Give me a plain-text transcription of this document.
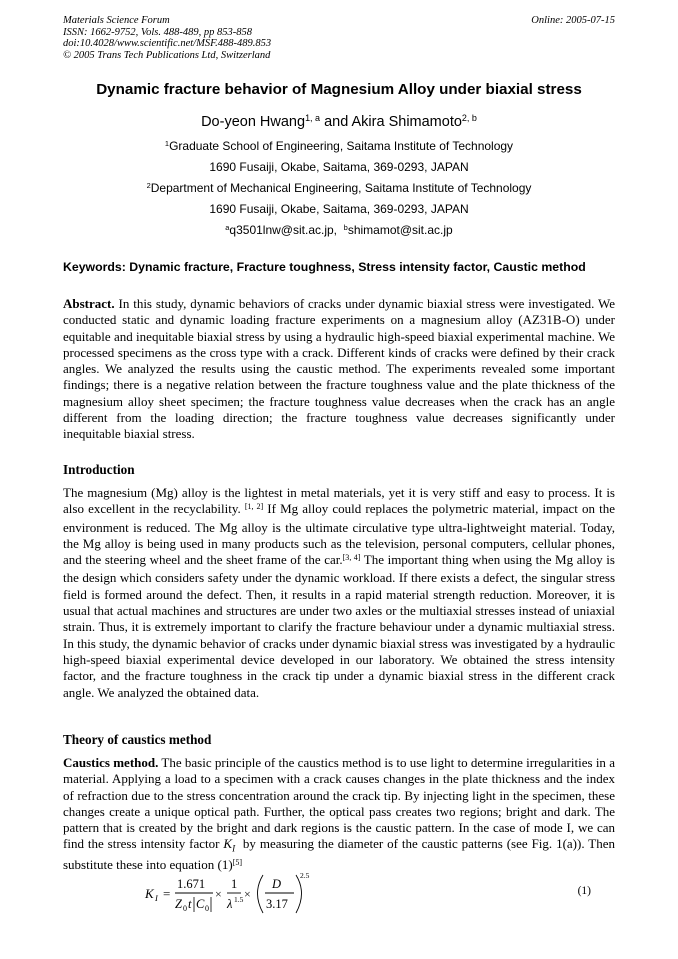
Materials Science Forum
ISSN: 1662-9752, Vols. 488-489, pp 853-858
doi:10.4028/www.scientific.net/MSF.488-489.853
© 2005 Trans Tech Publications Ltd, Switzerland
Online: 2005-07-15
Dynamic fracture behavior of Magnesium Alloy under biaxial stress
Do-yeon Hwang$^{1, a}$ and Akira Shimamoto$^{2, b}$
$^1$Graduate School of Engineering, Saitama Institute of Technology
1690 Fusaiji, Okabe, Saitama, 369-0293, JAPAN
$^2$Department of Mechanical Engineering, Saitama Institute of Technology
1690 Fusaiji, Okabe, Saitama, 369-0293, JAPAN
$^a$q3501lnw@sit.ac.jp, $^b$shimamot@sit.ac.jp
Keywords: Dynamic fracture, Fracture toughness, Stress intensity factor, Caustic method

Abstract. In this study, dynamic behaviors of cracks under dynamic biaxial stress were investigated. We conducted static and dynamic loading fracture experiments on a magnesium alloy (AZ31B-O) under equitable and inequitable biaxial stress by using a hydraulic high-speed biaxial experimental machine. We processed specimens as the cross type with a crack. Different kinds of cracks were defined by their crack angles. We analyzed the results using the caustic method. The experiments revealed some important findings; there is a negative relation between the fracture toughness value and the plate thickness of the magnesium alloy sheet specimen; the fracture toughness value decreases when the crack has an angle different from the loading direction; the fracture toughness value decreases significantly under inequitable biaxial stress.

Introduction

The magnesium (Mg) alloy is the lightest in metal materials, yet it is very stiff and easy to process. It is also excellent in the recyclability. [1, 2] If Mg alloy could replaces the polymetric material, impact on the environment is reduced. The Mg alloy is the ultimate circulative type ultra-lightweight material. Today, the Mg alloy is being used in many products such as the television, personal computers, cellular phones, and the steering wheel and the sheet frame of the car.[3, 4] The important thing when using the Mg alloy is the design which considers safety under the dynamic workload. If there exists a defect, the singular stress field is formed around the defect. Then, it results in a rapid material strength reduction. Moreover, it is usual that actual machines and structures are under two axles or the multiaxial stresses instead of uniaxial strain. Thus, it is extremely important to clarify the fracture behaviour under a dynamic multiaxial stress. In this study, the dynamic behavior of cracks under dynamic biaxial stress was investigated by a hydraulic high-speed biaxial experimental device developed in our laboratory. We obtained the stress intensity factor, and the fracture toughness in the crack tip under a dynamic biaxial stress in the different crack angle. We analyzed the obtained data.

Theory of caustics method

Caustics method. The basic principle of the caustics method is to use light to determine irregularities in a material. Applying a load to a specimen with a crack causes changes in the plate thickness and the index of refraction due to the stress concentration around the crack tip. By injecting light in the specimen, these changes create a unique optical path. Further, the optical pass creates two regions; bright and dark. The pattern that is created by the bright and dark regions is the caustic pattern. In the case of mode I, we can find the stress intensity factor $K_I$  by measuring the diameter of the caustic patterns (see Fig. 1(a)). Then substitute these into equation (1)[5]

K I =
1.671
Z 0 t C 0
×
1
λ 1.5 ×
D
3.17
2.5
(1)
